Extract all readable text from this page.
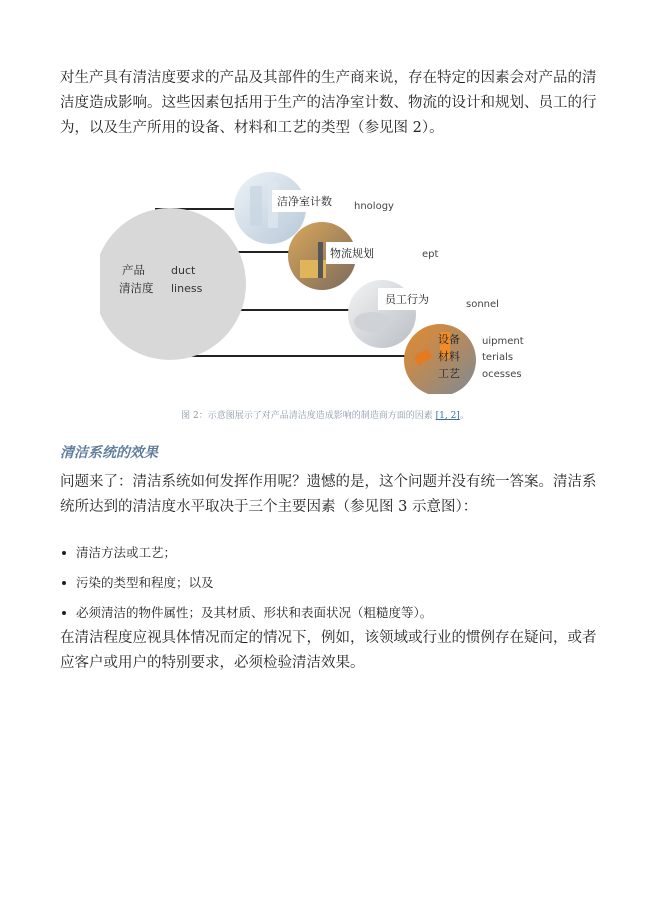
对生产具有清洁度要求的产品及其部件的生产商来说，存在特定的因素会对产品的清洁度造成影响。这些因素包括用于生产的洁净室计数、物流的设计和规划、员工的行为，以及生产所用的设备、材料和工艺的类型（参见图 2）。

产品
清洁度
duct
liness
洁净室计数 hnology
物流规划	ept
员工行为	sonnel
设备 uipment
材料 terials
工艺 ocesses
图 2：示意图展示了对产品清洁度造成影响的制造商方面的因素 [1, 2]。
清洁系统的效果

问题来了：清洁系统如何发挥作用呢？遗憾的是，这个问题并没有统一答案。清洁系统所达到的清洁度水平取决于三个主要因素（参见图 3 示意图）：

清洁方法或工艺；
污染的类型和程度；以及
必须清洁的物件属性；及其材质、形状和表面状况（粗糙度等）。

在清洁程度应视具体情况而定的情况下，例如，该领域或行业的惯例存在疑问，或者应客户或用户的特别要求，必须检验清洁效果。
